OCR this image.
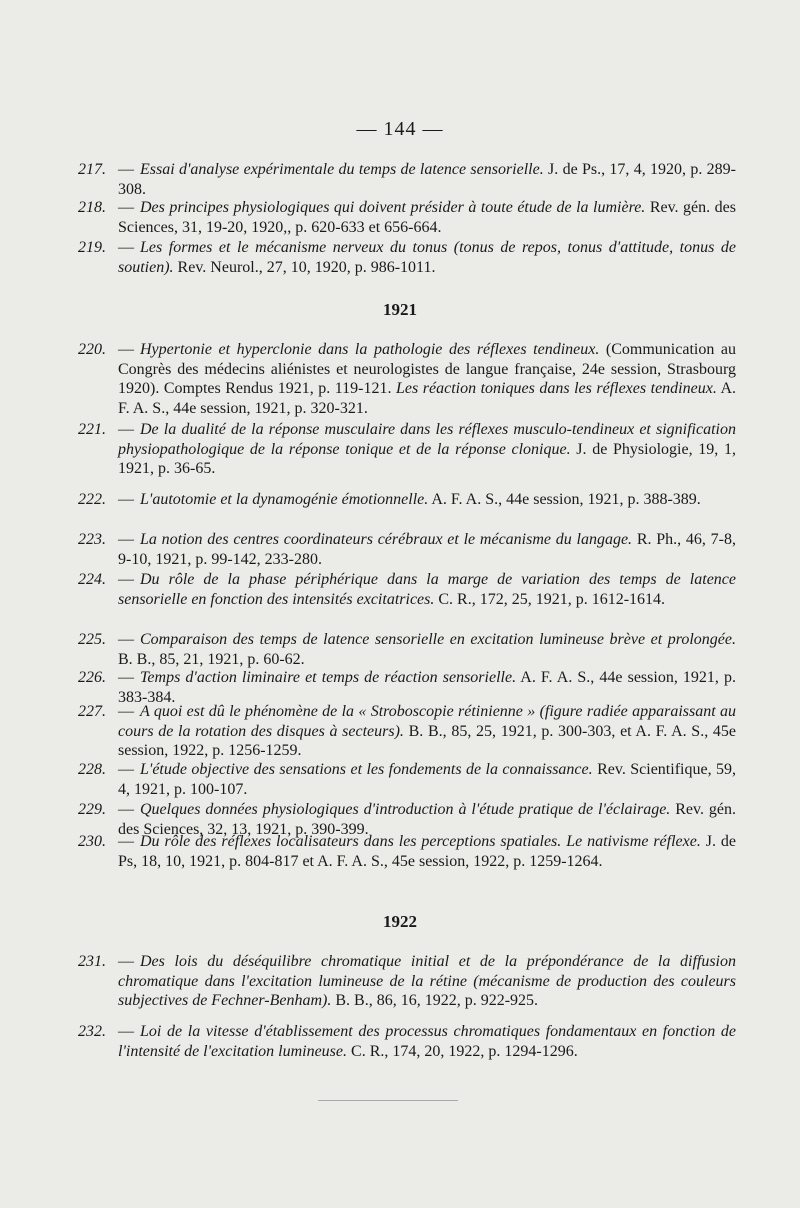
— 144 —
1921
1922
217. — Essai d'analyse expérimentale du temps de latence sensorielle. J. de Ps., 17, 4, 1920, p. 289-308.
218. — Des principes physiologiques qui doivent présider à toute étude de la lumière. Rev. gén. des Sciences, 31, 19-20, 1920,, p. 620-633 et 656-664.
219. — Les formes et le mécanisme nerveux du tonus (tonus de repos, tonus d'attitude, tonus de soutien). Rev. Neurol., 27, 10, 1920, p. 986-1011.
220. — Hypertonie et hyperclonie dans la pathologie des réflexes tendineux. (Communication au Congrès des médecins aliénistes et neurologistes de langue française, 24e session, Strasbourg 1920). Comptes Rendus 1921, p. 119-121. Les réaction toniques dans les réflexes tendineux. A. F. A. S., 44e session, 1921, p. 320-321.
221. — De la dualité de la réponse musculaire dans les réflexes musculo-tendineux et signification physiopathologique de la réponse tonique et de la réponse clonique. J. de Physiologie, 19, 1, 1921, p. 36-65.
222. — L'autotomie et la dynamogénie émotionnelle. A. F. A. S., 44e session, 1921, p. 388-389.
223. — La notion des centres coordinateurs cérébraux et le mécanisme du langage. R. Ph., 46, 7-8, 9-10, 1921, p. 99-142, 233-280.
224. — Du rôle de la phase périphérique dans la marge de variation des temps de latence sensorielle en fonction des intensités excitatrices. C. R., 172, 25, 1921, p. 1612-1614.
225. — Comparaison des temps de latence sensorielle en excitation lumineuse brève et prolongée. B. B., 85, 21, 1921, p. 60-62.
226. — Temps d'action liminaire et temps de réaction sensorielle. A. F. A. S., 44e session, 1921, p. 383-384.
227. — A quoi est dû le phénomène de la « Stroboscopie rétinienne » (figure radiée apparaissant au cours de la rotation des disques à secteurs). B. B., 85, 25, 1921, p. 300-303, et A. F. A. S., 45e session, 1922, p. 1256-1259.
228. — L'étude objective des sensations et les fondements de la connaissance. Rev. Scientifique, 59, 4, 1921, p. 100-107.
229. — Quelques données physiologiques d'introduction à l'étude pratique de l'éclairage. Rev. gén. des Sciences, 32, 13, 1921, p. 390-399.
230. — Du rôle des réflexes localisateurs dans les perceptions spatiales. Le nativisme réflexe. J. de Ps, 18, 10, 1921, p. 804-817 et A. F. A. S., 45e session, 1922, p. 1259-1264.
231. — Des lois du déséquilibre chromatique initial et de la prépondérance de la diffusion chromatique dans l'excitation lumineuse de la rétine (mécanisme de production des couleurs subjectives de Fechner-Benham). B. B., 86, 16, 1922, p. 922-925.
232. — Loi de la vitesse d'établissement des processus chromatiques fondamentaux en fonction de l'intensité de l'excitation lumineuse. C. R., 174, 20, 1922, p. 1294-1296.
